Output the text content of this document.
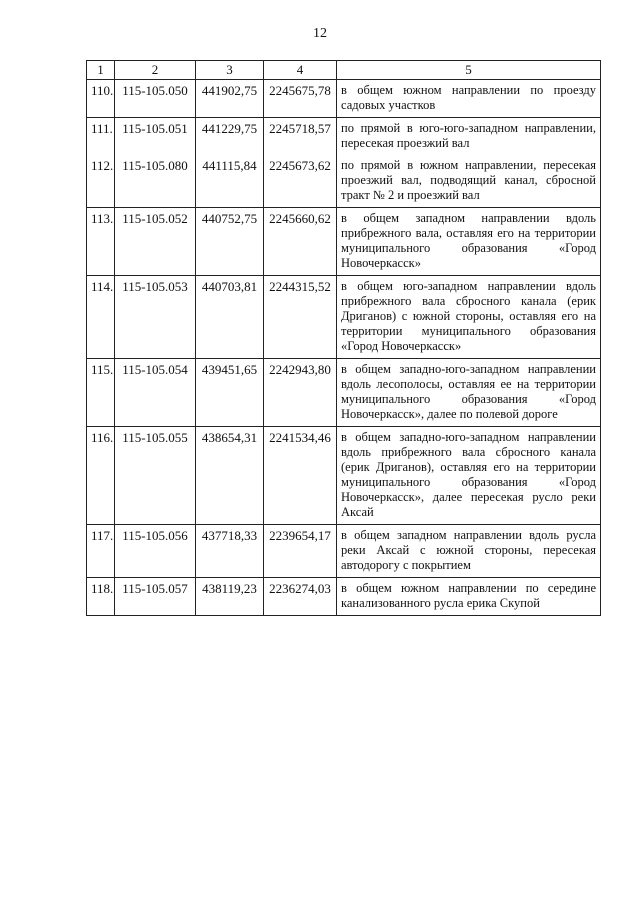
12
1	2	3	4	5
110.	115-105.050	441902,75	2245675,78	в общем южном направлении по проезду садовых участков
111.	115-105.051	441229,75	2245718,57	по прямой в юго-юго-западном направлении, пересекая проезжий вал
112.	115-105.080	441115,84	2245673,62	по прямой в южном направлении, пересекая проезжий вал, подводящий канал, сбросной тракт № 2 и проезжий вал
113.	115-105.052	440752,75	2245660,62	в общем западном направлении вдоль прибрежного вала, оставляя его на территории муниципального образования «Город Новочеркасск»
114.	115-105.053	440703,81	2244315,52	в общем юго-западном направлении вдоль прибрежного вала сбросного канала (ерик Дриганов) с южной стороны, оставляя его на территории муниципального образования «Город Новочеркасск»
115.	115-105.054	439451,65	2242943,80	в общем западно-юго-западном направлении вдоль лесополосы, оставляя ее на территории муниципального образования «Город Новочеркасск», далее по полевой дороге
116.	115-105.055	438654,31	2241534,46	в общем западно-юго-западном направлении вдоль прибрежного вала сбросного канала (ерик Дриганов), оставляя его на территории муниципального образования «Город Новочеркасск», далее пересекая русло реки Аксай
117.	115-105.056	437718,33	2239654,17	в общем западном направлении вдоль русла реки Аксай с южной стороны, пересекая автодорогу с покрытием
118.	115-105.057	438119,23	2236274,03	в общем южном направлении по середине канализованного русла ерика Скупой
